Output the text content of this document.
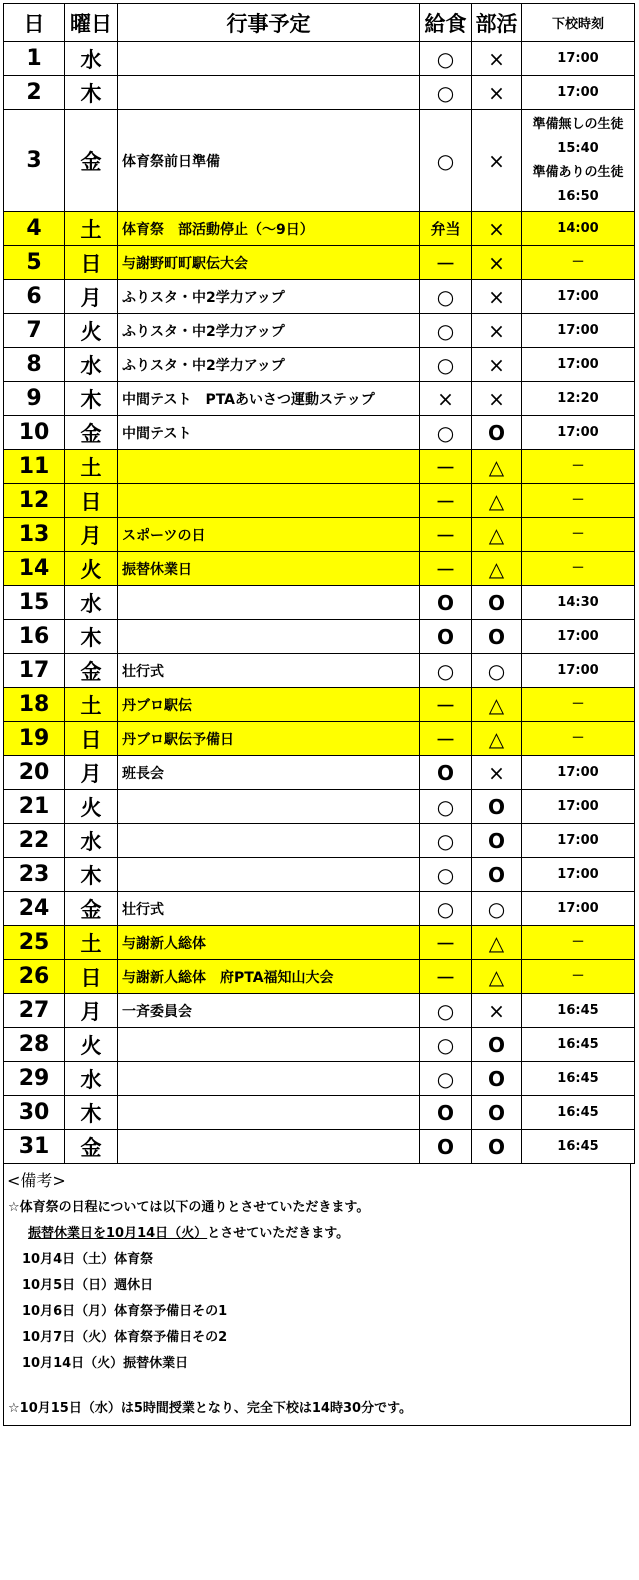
日	曜日	行事予定	給食	部活	下校時刻
1	水		○	×	17:00

2	木		○	×	17:00

3	金	体育祭前日準備	○	×	準備無しの生徒
15:40
準備ありの生徒
16:50

4	土	体育祭　部活動停止（～9日）	弁当	×	14:00

5	日	与謝野町町駅伝大会	－	×	－

6	月	ふりスタ・中2学力アップ	○	×	17:00

7	火	ふりスタ・中2学力アップ	○	×	17:00

8	水	ふりスタ・中2学力アップ	○	×	17:00

9	木	中間テスト　PTAあいさつ運動ステップ	×	×	12:20

10	金	中間テスト	○	O	17:00

11	土		－	△	－

12	日		－	△	－

13	月	スポーツの日	－	△	－

14	火	振替休業日	－	△	－

15	水		O	O	14:30

16	木		O	O	17:00

17	金	壮行式	○	○	17:00

18	土	丹ブロ駅伝	－	△	－

19	日	丹ブロ駅伝予備日	－	△	－

20	月	班長会	O	×	17:00

21	火		○	O	17:00

22	水		○	O	17:00

23	木		○	O	17:00

24	金	壮行式	○	○	17:00

25	土	与謝新人総体	－	△	－

26	日	与謝新人総体　府PTA福知山大会	－	△	－

27	月	一斉委員会	○	×	16:45

28	火		○	O	16:45

29	水		○	O	16:45

30	木		O	O	16:45

31	金		O	O	16:45
<備考>
☆体育祭の日程については以下の通りとさせていただきます。
振替休業日を10月14日（火）とさせていただきます。
10月4日（土）体育祭
10月5日（日）週休日
10月6日（月）体育祭予備日その1
10月7日（火）体育祭予備日その2
10月14日（火）振替休業日
☆10月15日（水）は5時間授業となり、完全下校は14時30分です。
